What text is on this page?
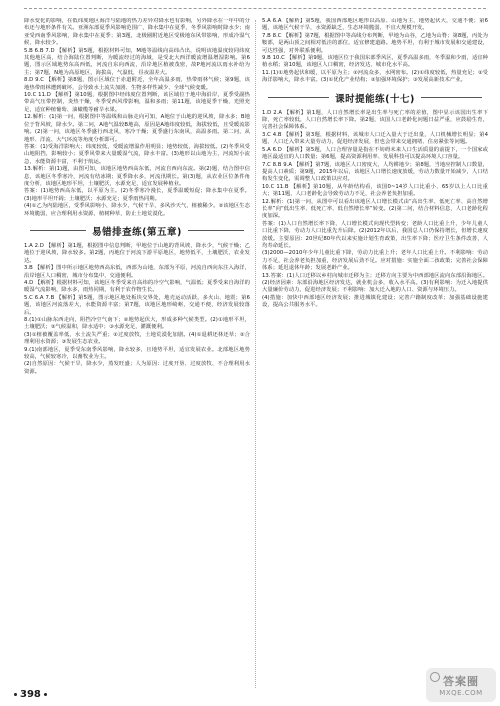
降水变化的影响，在低纬度地区海洋与陆地的热力差异对降水也有影响，另外降水在一年中的分布还与地形条件有关。亚洲东部夏季风影响范围广，降水集中在夏季，冬季风影响时降水少；南亚受西南季风影响，降水集中在夏季；第3题，北极圈附近地区受极地东风带影响，形成冷湿气候，降水较少。

5.B 6.B 7.D 【解析】第5题，根据材料可知，M地等温线向高纬凸出，说明该地温度较同纬度其他地区高，结合海陆位置判断，为暖流经过的海域，是受北大西洋暖流增温增湿影响。第6题，图示区域地势东高西低，河流自东向西流，沿岸地区植被茂密，故P地河流以雨水补给为主；第7题，N地为高原地区，海拔高，气温低，昼夜温差大。

8.D 9.C 【解析】第8题，图示区域位于赤道附近，全年高温多雨，热带雨林气候；第9题，该地热带雨林遭到破坏，会导致水土流失加剧、生物多样性减少、全球气候变暖。

10.C 11.D 【解析】第10题，根据图中经纬度位置判断，该区域位于地中海沿岸，夏季受副热带高气压带控制，炎热干燥，冬季受西风带影响，温和多雨；第11题，该地夏季干燥，光照充足，适宜种植葡萄、油橄榄等耐旱水果。

12.解析：(1)第一问，根据图中等温线和山脉走向可知，A地位于山地的迎风坡，降水多；B地位于背风坡，降水少。第二问，A地气温较B地高，原因是A地纬度较低，海拔较低，且受暖流影响。(2)第一问，该地区冬季盛行西北风，寒冷干燥；夏季盛行东南风，高温多雨。第二问，从地形、洋流、大气环流等角度分析即可。

答案：(1)受海洋影响大；纬度较低，受暖流增温作用明显；地势较低，海拔较低。(2)冬季风受山地阻挡，影响较小；夏季风带来大量暖湿气流，降水丰富。(3)地形以山地为主，河流短小流急，水能资源丰富，不利于航运。

13.解析：第(1)题，由图可知，该地区地势西高东低，河流自西向东流。第(2)题，结合图中信息，该地区冬季寒冷，河流有结冰期；夏季降水多，河流汛期长。第(3)题，从农业区位条件角度分析，该地区地形平坦，土壤肥沃，水源充足，适宜发展种植业。

答案：(1)地势西高东低，以平原为主。(2)冬季寒冷漫长，夏季温暖短促；降水集中在夏季。(3)地形平坦开阔；土壤肥沃；水源充足；夏季雨热同期。

(4)①乙为内陆地区，受季风影响小，降水少，气候干旱，多风沙天气，植被稀少。②该地区生态环境脆弱，应合理利用水资源，植树种草，防止土地荒漠化。

易错排查练(第五章)

1.A 2.D 【解析】第1题，根据图中信息判断，甲地位于山地的背风坡，降水少，气候干燥；乙地位于迎风坡，降水较多。第2题，丙地位于河流下游平原地区，地势低平，土壤肥沃，农业发达。

3.B 【解析】图中所示地区地势西高东低，西部为山地，东部为平原，河流自西向东注入海洋，沿岸地区人口稠密，城市分布集中，交通便利。

4.D 【解析】根据材料可知，该地区冬季受来自高纬的冷空气影响，气温低；夏季受来自海洋的暖湿气流影响，降水多，雨热同期，有利于农作物生长。

5.C 6.A 7.B 【解析】第5题，图示地区地处板块交界处，地壳运动活跃，多火山、地震；第6题，该地区河流落差大，水能资源丰富；第7题，该地区地形崎岖，交通不便，经济发展较落后。

8.(1)①山脉东西走向，阻挡冷空气南下；②地势起伏大，形成多种气候类型。(2)①地形平坦，土壤肥沃；②气候温和，降水适中；③水源充足，灌溉便利。

(3)①植被覆盖率低，水土流失严重；②过度放牧，土地荒漠化加剧。(4)①退耕还林还草；②合理利用水资源；③发展生态农业。

9.(1)南部地区，夏季受东南季风影响，降水较多，且地势平坦，适宜发展农业。北部地区地势较高，气候较寒冷，以畜牧业为主。

(2)自然原因：气候干旱，降水少，蒸发旺盛；人为原因：过度开垦、过度放牧、不合理利用水资源。

5.A 6.A 【解析】第5题，我国西部地区地形以高原、山地为主，地势起伏大，交通不便；第6题，该地区气候干旱，水资源缺乏，生态环境脆弱，不宜大规模开发。

7.B 8.C 【解析】第7题，根据图中等高线分布判断，甲地为山谷，乙地为山脊；第8题，丙处为鞍部，是两山顶之间相对低洼的部位，适宜修建道路。地势平坦，有利于城市发展和交通建设，可达性强，对外联系便利。

9.B 10.C 【解析】第9题，该地区位于我国东部季风区，夏季高温多雨，冬季温和少雨，适宜种植水稻；第10题，该地区人口稠密，经济发达，城市化水平高。

11.(1)①地势起伏和缓，以平原为主；②河流众多，水网密布。(2)①纬度较低，热量充足；②受海洋影响大，降水丰富。(3)①优化产业结构；②加强环境保护；③发展高新技术产业。

课时提能练(十七)

1.D 2.A 【解析】第1题，人口自然增长率是出生率与死亡率的差值，图中显示该国出生率下降，死亡率较低，人口自然增长率下降。第2题，该国人口老龄化问题日益严重，应鼓励生育，完善社会保障体系。

3.C 4.B 【解析】第3题，根据材料，该城市人口迁入量大于迁出量，人口机械增长明显；第4题，人口迁入带来大量劳动力，促进经济发展，但也会带来交通拥堵、住房紧张等问题。

5.A 6.D 【解析】第5题，人口合理容量是指在不妨碍未来人口生活质量的前提下，一个国家或地区最适宜的人口数量；第6题，提高资源利用率、发展科技可以提高环境人口容量。

7.C 8.B 9.A 【解析】第7题，该地区人口密度大，人均耕地少；第8题，当地应控制人口数量，提高人口素质；第9题，2015年以后，该地区人口增长速度放缓，劳动力数量开始减少，人口结构发生变化，需调整人口政策以应对。

10.C 11.B 【解析】第10题，从年龄结构看，该国0~14岁人口比重小，65岁以上人口比重大；第11题，人口老龄化会导致劳动力不足，社会养老负担加重。

12.解析：(1)第一问，从图中可以看出该地区人口增长模式由“高出生率、低死亡率、高自然增长率”向“低出生率、低死亡率、低自然增长率”转变。(2)第二问，结合材料信息，人口老龄化程度加深。

答案：(1)人口自然增长率下降，人口增长模式向现代型转变；老龄人口比重上升，少年儿童人口比重下降，劳动力人口比重先升后降。(2)2012年以后，我国总人口仍保持增长，但增长速度放缓。主要原因：20世纪80年代以来实施计划生育政策，出生率下降；医疗卫生条件改善，人均寿命延长。

(3)2000—2010年少年儿童比重下降，劳动力比重上升；老年人口比重上升。不利影响：劳动力不足，社会养老负担加重，经济发展后劲不足。应对措施：实施全面二孩政策；完善社会保障体系；延迟退休年龄；发展老龄产业。

13.答案：(1)人口迁移以乡村向城市迁移为主；迁移方向主要为中西部地区流向东部沿海地区。(2)经济因素：东部沿海地区经济发达，就业机会多，收入水平高。(3)有利影响：为迁入地提供大量廉价劳动力，促进经济发展；不利影响：加大迁入地的人口、资源与环境压力。

(4)措施：加快中西部地区经济发展；推进城镇化建设；完善户籍制度改革；加强基础设施建设，提高公共服务水平。

398
答案圈
MXQE.COM
